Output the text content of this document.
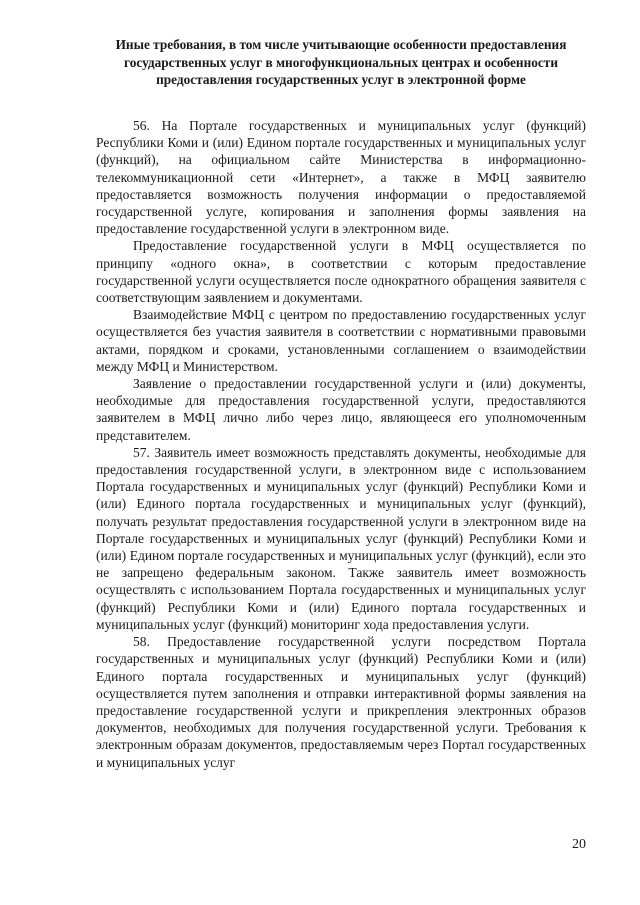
Иные требования, в том числе учитывающие особенности предоставления государственных услуг в многофункциональных центрах и особенности предоставления государственных услуг в электронной форме

56. На Портале государственных и муниципальных услуг (функций) Республики Коми и (или) Едином портале государственных и муниципальных услуг (функций), на официальном сайте Министерства в информационно-телекоммуникационной сети «Интернет», а также в МФЦ заявителю предоставляется возможность получения информации о предоставляемой государственной услуге, копирования и заполнения формы заявления на предоставление государственной услуги в электронном виде.

Предоставление государственной услуги в МФЦ осуществляется по принципу «одного окна», в соответствии с которым предоставление государственной услуги осуществляется после однократного обращения заявителя с соответствующим заявлением и документами.

Взаимодействие МФЦ с центром по предоставлению государственных услуг осуществляется без участия заявителя в соответствии с нормативными правовыми актами, порядком и сроками, установленными соглашением о взаимодействии между МФЦ и Министерством.

Заявление о предоставлении государственной услуги и (или) документы, необходимые для предоставления государственной услуги, предоставляются заявителем в МФЦ лично либо через лицо, являющееся его уполномоченным представителем.

57. Заявитель имеет возможность представлять документы, необходимые для предоставления государственной услуги, в электронном виде с использованием Портала государственных и муниципальных услуг (функций) Республики Коми и (или) Единого портала государственных и муниципальных услуг (функций), получать результат предоставления государственной услуги в электронном виде на Портале государственных и муниципальных услуг (функций) Республики Коми и (или) Едином портале государственных и муниципальных услуг (функций), если это не запрещено федеральным законом. Также заявитель имеет возможность осуществлять с использованием Портала государственных и муниципальных услуг (функций) Республики Коми и (или) Единого портала государственных и муниципальных услуг (функций) мониторинг хода предоставления услуги.

58. Предоставление государственной услуги посредством Портала государственных и муниципальных услуг (функций) Республики Коми и (или) Единого портала государственных и муниципальных услуг (функций) осуществляется путем заполнения и отправки интерактивной формы заявления на предоставление государственной услуги и прикрепления электронных образов документов, необходимых для получения государственной услуги. Требования к электронным образам документов, предоставляемым через Портал государственных и муниципальных услуг

20
